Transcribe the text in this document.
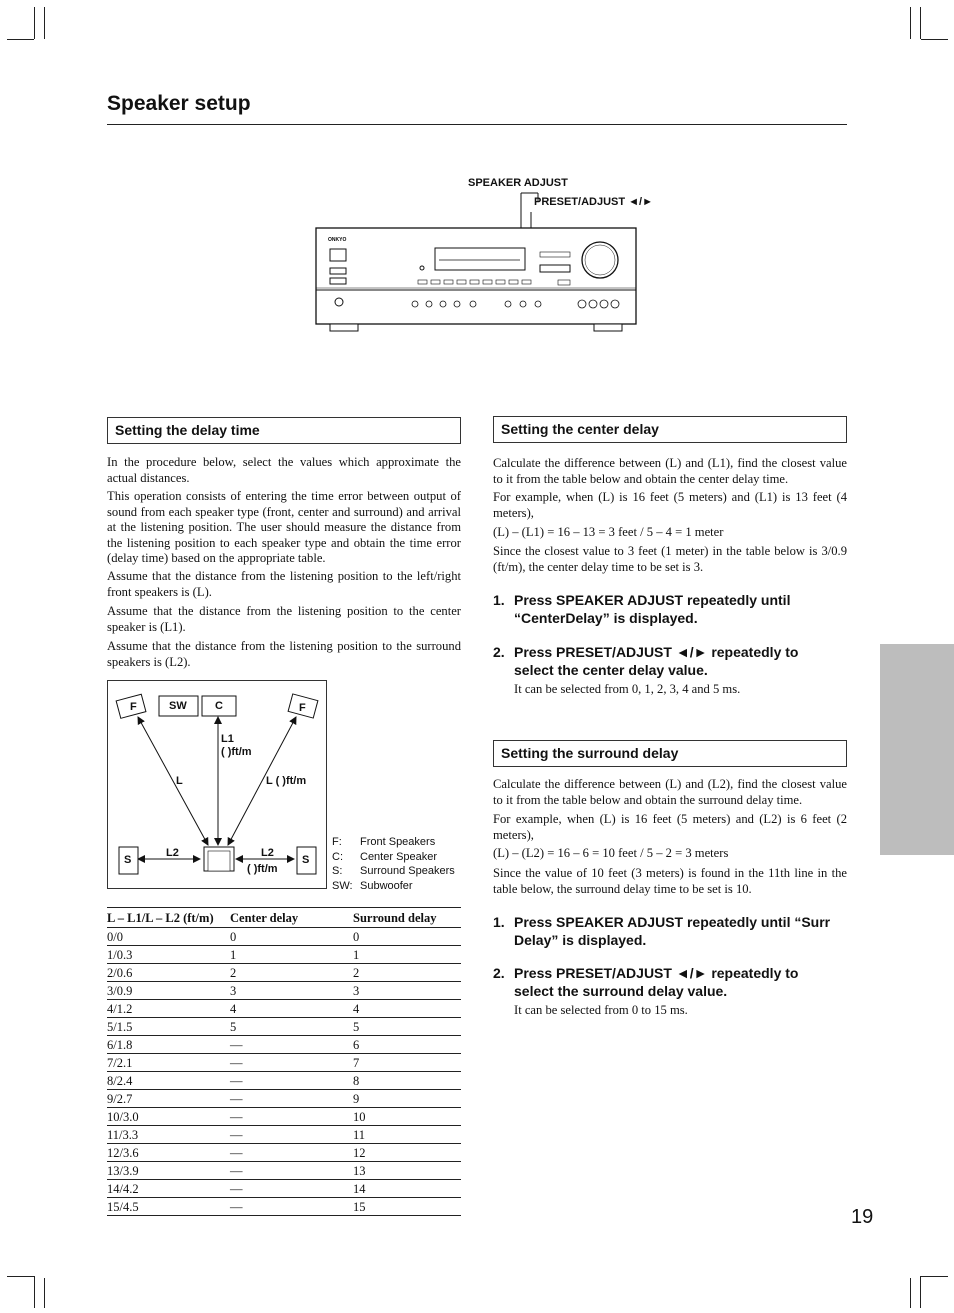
Speaker setup
SPEAKER ADJUST
PRESET/ADJUST ◄/►
ONKYO
Setting the delay time

In the procedure below, select the values which approximate the actual distances.

This operation consists of entering the time error between output of sound from each speaker type (front, center and surround) and arrival at the listening position. The user should measure the distance from the listening position to each speaker type and obtain the time error (delay time) based on the appropriate table.

Assume that the distance from the listening position to the left/right front speakers is (L).

Assume that the distance from the listening position to the center speaker is (L1).

Assume that the distance from the listening position to the surround speakers is (L2).

F	SW	C	F
L1
( )ft/m
L	L ( )ft/m
S	S
L2	L2
( )ft/m
F: Front Speakers
C: Center Speaker
S: Surround Speakers
SW: Subwoofer
L – L1/L – L2 (ft/m)	Center delay	Surround delay
0/0	0	0
1/0.3	1	1
2/0.6	2	2
3/0.9	3	3
4/1.2	4	4
5/1.5	5	5
6/1.8	—	6
7/2.1	—	7
8/2.4	—	8
9/2.7	—	9
10/3.0	—	10
11/3.3	—	11
12/3.6	—	12
13/3.9	—	13
14/4.2	—	14
15/4.5	—	15
Setting the center delay

Calculate the difference between (L) and (L1), find the closest value to it from the table below and obtain the center delay time.

For example, when (L) is 16 feet (5 meters) and (L1) is 13 feet (4 meters),

(L) – (L1) = 16 – 13 = 3 feet / 5 – 4 = 1 meter

Since the closest value to 3 feet (1 meter) in the table below is 3/0.9 (ft/m), the center delay time to be set is 3.

1. Press SPEAKER ADJUST repeatedly until “CenterDelay” is displayed.
2. Press PRESET/ADJUST ◄/► repeatedly to select the center delay value.
It can be selected from 0, 1, 2, 3, 4 and 5 ms.
Setting the surround delay

Calculate the difference between (L) and (L2), find the closest value to it from the table below and obtain the surround delay time.

For example, when (L) is 16 feet (5 meters) and (L2) is 6 feet (2 meters),

(L) – (L2) = 16 – 6 = 10 feet / 5 – 2 = 3 meters

Since the value of 10 feet (3 meters) is found in the 11th line in the table below, the surround delay time to be set is 10.

1. Press SPEAKER ADJUST repeatedly until “Surr Delay” is displayed.
2. Press PRESET/ADJUST ◄/► repeatedly to select the surround delay value.
It can be selected from 0 to 15 ms.
19
